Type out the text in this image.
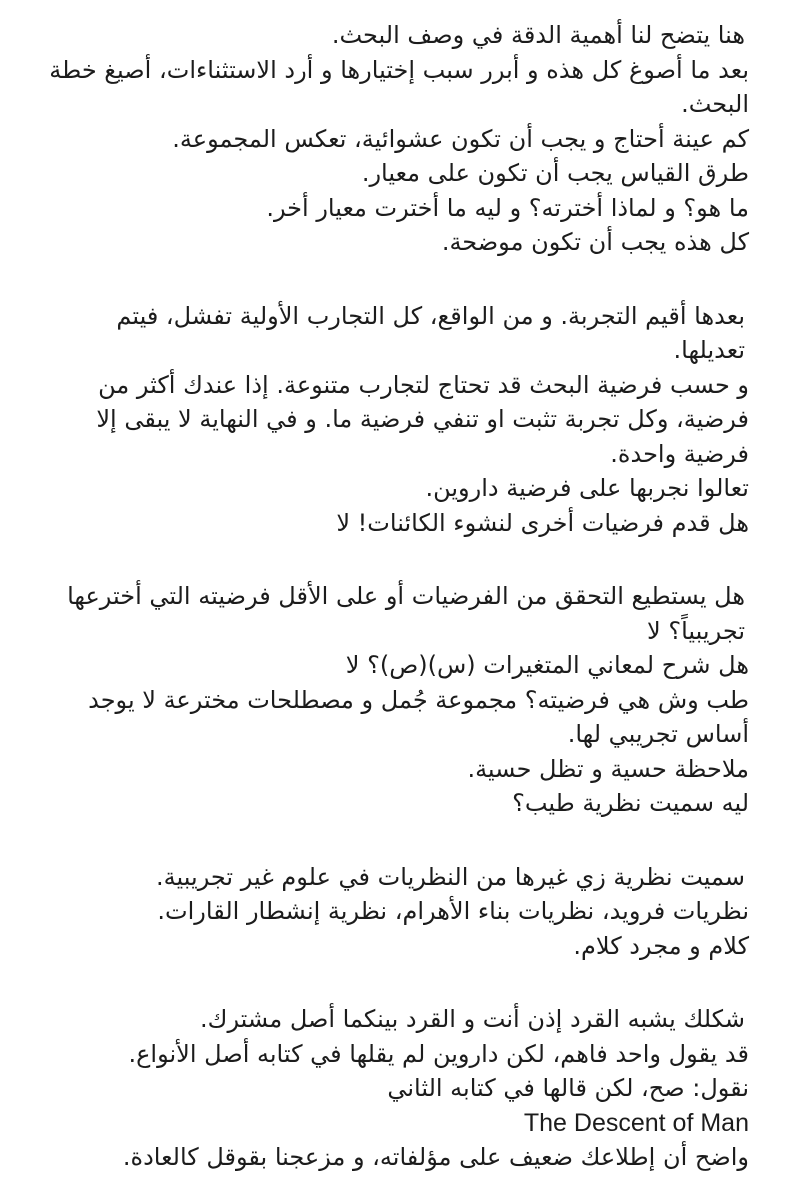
هنا يتضح لنا أهمية الدقة في وصف البحث.
بعد ما أصوغ كل هذه و أبرر سبب إختيارها و أرد الاستثناءات، أصيغ خطة البحث.
كم عينة أحتاج و يجب أن تكون عشوائية، تعكس المجموعة.
طرق القياس يجب أن تكون على معيار.
ما هو؟ و لماذا أخترته؟ و ليه ما أخترت معيار أخر.
كل هذه يجب أن تكون موضحة.
بعدها أقيم التجربة. و من الواقع، كل التجارب الأولية تفشل، فيتم تعديلها.
و حسب فرضية البحث قد تحتاج لتجارب متنوعة. إذا عندك أكثر من فرضية، وكل تجربة تثبت او تنفي فرضية ما. و في النهاية لا يبقى إلا فرضية واحدة.
تعالوا نجربها على فرضية داروين.
هل قدم فرضيات أخرى لنشوء الكائنات! لا
هل يستطيع التحقق من الفرضيات أو على الأقل فرضيته التي أخترعها تجريبياً؟ لا
هل شرح لمعاني المتغيرات (س)(ص)؟ لا
طب وش هي فرضيته؟ مجموعة جُمل و مصطلحات مخترعة لا يوجد أساس تجريبي لها.
ملاحظة حسية و تظل حسية.
ليه سميت نظرية طيب؟
سميت نظرية زي غيرها من النظريات في علوم غير تجريبية.
نظريات فرويد، نظريات بناء الأهرام، نظرية إنشطار القارات.
كلام و مجرد كلام.
شكلك يشبه القرد إذن أنت و القرد بينكما أصل مشترك.
قد يقول واحد فاهم، لكن داروين لم يقلها في كتابه أصل الأنواع.
نقول: صح، لكن قالها في كتابه الثاني
The Descent of Man
واضح أن إطلاعك ضعيف على مؤلفاته، و مزعجنا بقوقل كالعادة.
